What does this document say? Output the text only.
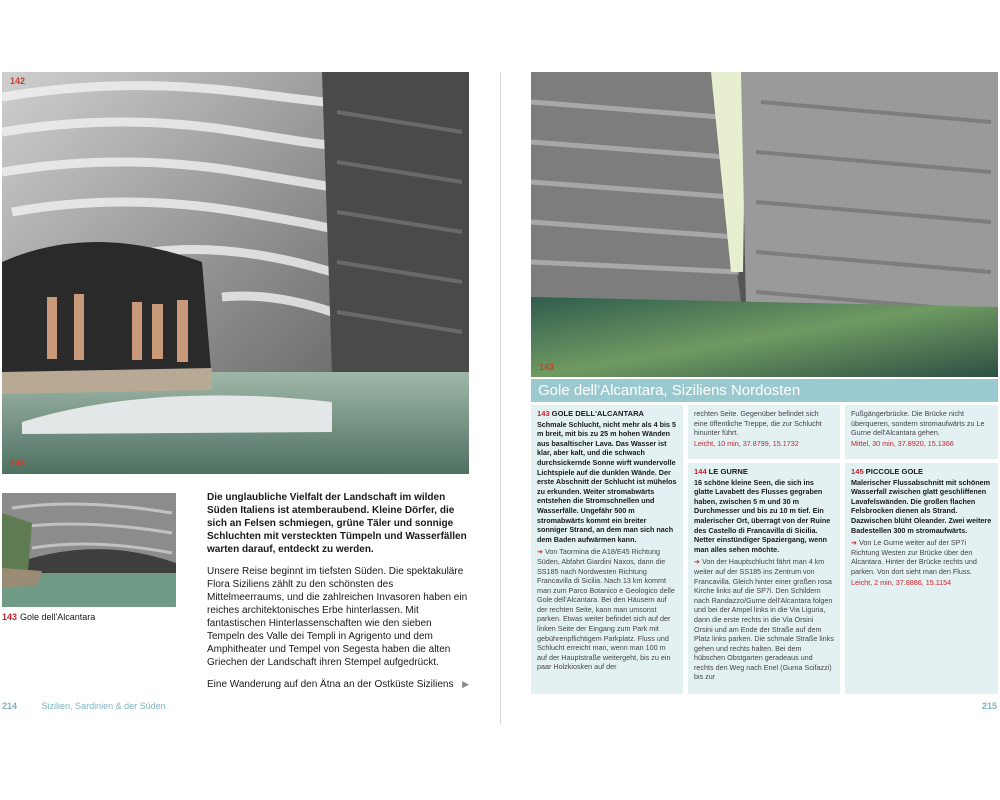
142
143
143 Gole dell'Alcantara

Die unglaubliche Vielfalt der Landschaft im wilden Süden Italiens ist atemberaubend. Kleine Dörfer, die sich an Felsen schmiegen, grüne Täler und sonnige Schluchten mit versteckten Tümpeln und Wasserfällen warten darauf, entdeckt zu werden.

Unsere Reise beginnt im tiefsten Süden. Die spektakuläre Flora Siziliens zählt zu den schönsten des Mittelmeerraums, und die zahlreichen Invasoren haben ein reiches architektonisches Erbe hinterlassen. Mit fantastischen Hinterlassenschaften wie den sieben Tempeln des Valle dei Templi in Agrigento und dem Amphitheater und Tempel von Segesta haben die alten Griechen der Landschaft ihren Stempel aufgedrückt.

Eine Wanderung auf den Ätna an der Ostküste Siziliens ▶

214	Sizilien, Sardinien & der Süden
143
Gole dell'Alcantara, Siziliens Nordosten
143 GOLE DELL'ALCANTARA
Schmale Schlucht, nicht mehr als 4 bis 5 m breit, mit bis zu 25 m hohen Wänden aus basaltischer Lava. Das Wasser ist klar, aber kalt, und die schwach durchsickernde Sonne wirft wundervolle Lichtspiele auf die dunklen Wände. Der erste Abschnitt der Schlucht ist mühelos zu erkunden. Weiter stromabwärts entstehen die Stromschnellen und Wasserfälle. Ungefähr 500 m stromabwärts kommt ein breiter sonniger Strand, an dem man sich nach dem Baden aufwärmen kann.
➔ Von Taormina die A18/E45 Richtung Süden, Abfahrt Giardini Naxos, dann die SS185 nach Nordwesten Richtung Francavilla di Sicilia. Nach 13 km kommt man zum Parco Botanico e Geologico delle Gole dell'Alcantara. Bei den Häusern auf der rechten Seite, kann man umsonst parken. Etwas weiter befindet sich auf der linken Seite der Eingang zum Park mit gebührenpflichtigem Parkplatz. Fluss und Schlucht erreicht man, wenn man 100 m auf der Hauptstraße weitergeht, bis zu ein paar Holzkiosken auf der
rechten Seite. Gegenüber befindet sich eine öffentliche Treppe, die zur Schlucht hinunter führt.
Leicht, 10 min, 37.8799, 15.1732
144 LE GURNE
16 schöne kleine Seen, die sich ins glatte Lavabett des Flusses gegraben haben, zwischen 5 m und 30 m Durchmesser und bis zu 10 m tief. Ein malerischer Ort, überragt von der Ruine des Castello di Francavilla di Sicilia. Netter einstündiger Spaziergang, wenn man alles sehen möchte.
➔ Von der Hauptschlucht fährt man 4 km weiter auf der SS185 ins Zentrum von Francavilla. Gleich hinter einer großen rosa Kirche links auf die SP7i. Den Schildern nach Randazzo/Gurne dell'Alcantara folgen und bei der Ampel links in die Via Liguria, dann die erste rechts in die Via Orsini Orsini und am Ende der Straße auf dem Platz links parken. Die schmale Straße links gehen und rechts halten. Bei dem hübschen Obstgarten geradeaus und rechts den Weg nach Enel (Gurna Scifazzi) bis zur
Fußgängerbrücke. Die Brücke nicht überqueren, sondern stromaufwärts zu Le Gurne dell'Alcantara gehen.
Mittel, 30 min, 37.8920, 15.1366
145 PICCOLE GOLE
Malerischer Flussabschnitt mit schönem Wasserfall zwischen glatt geschliffenen Lavafelswänden. Die großen flachen Felsbrocken dienen als Strand. Dazwischen blüht Oleander. Zwei weitere Badestellen 300 m stromaufwärts.
➔ Von Le Gurne weiter auf der SP7i Richtung Westen zur Brücke über den Alcantara. Hinter der Brücke rechts und parken. Von dort sieht man den Fluss.
Leicht, 2 min, 37.8886, 15.1154
215
